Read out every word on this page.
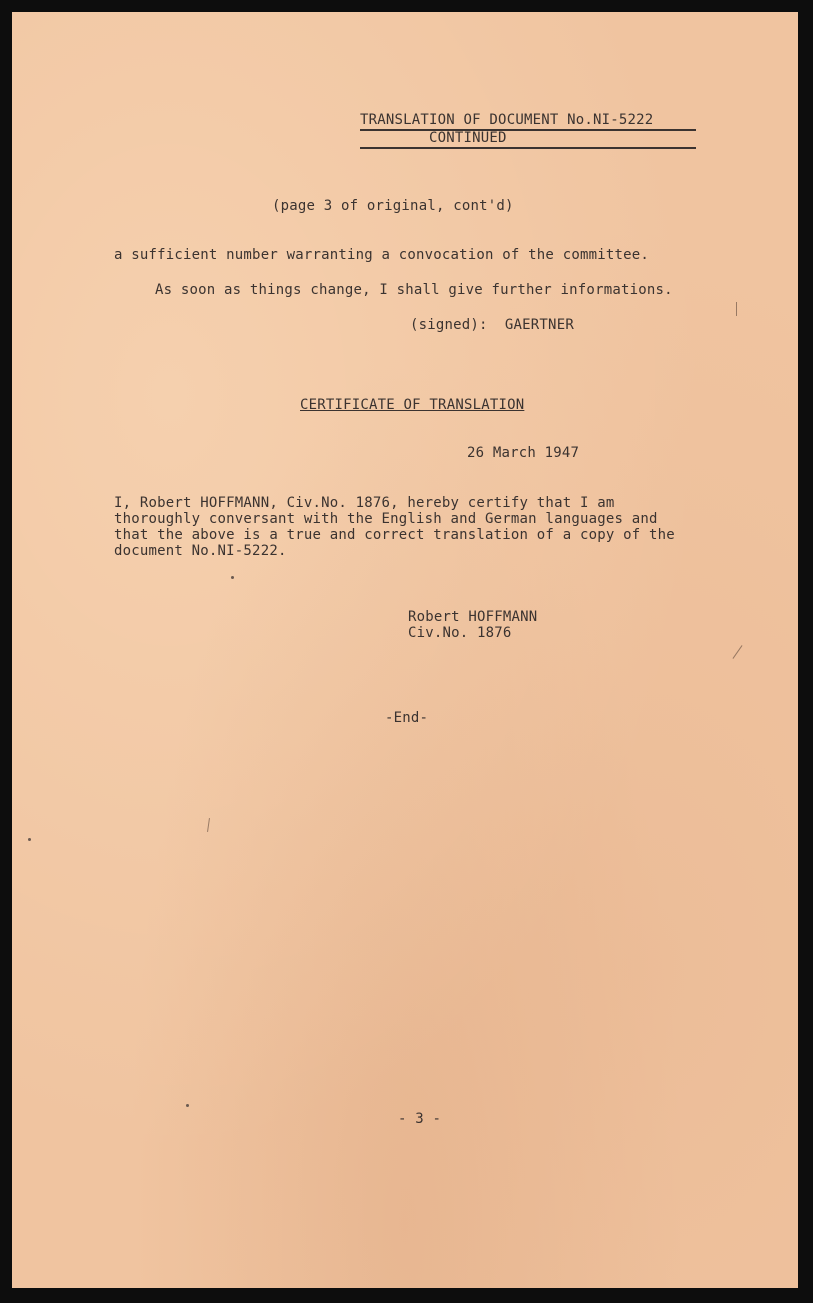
TRANSLATION OF DOCUMENT No.NI-5222
CONTINUED
(page 3 of original, cont'd)
a sufficient number warranting a convocation of the committee.
As soon as things change, I shall give further informations.
(signed):  GAERTNER
CERTIFICATE OF TRANSLATION
26 March 1947
I, Robert HOFFMANN, Civ.No. 1876, hereby certify that I am
thoroughly conversant with the English and German languages and
that the above is a true and correct translation of a copy of the
document No.NI-5222.
Robert HOFFMANN
Civ.No. 1876
-End-
- 3 -
